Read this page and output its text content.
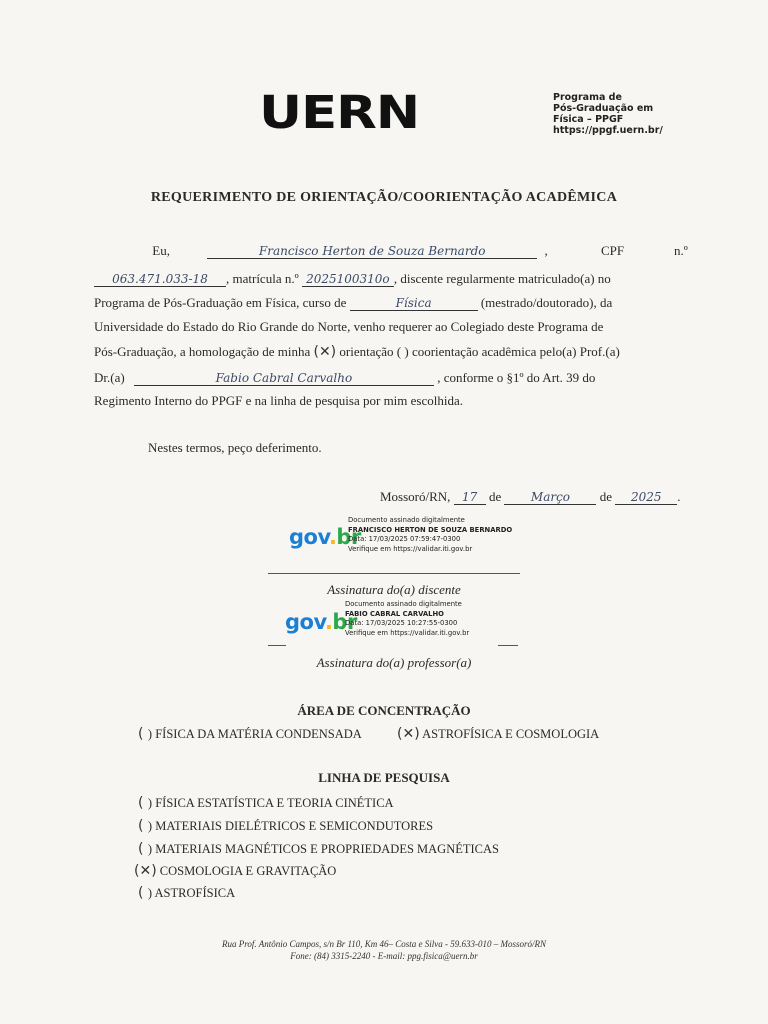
UERN	Programa de
Pós-Graduação em
Física – PPGF
https://ppgf.uern.br/
REQUERIMENTO DE ORIENTAÇÃO/COORIENTAÇÃO ACADÊMICA
Eu,	Francisco Herton de Souza Bernardo	,	CPF	n.º
063.471.033-18 , matrícula n.º 2025100310o , discente regularmente matriculado(a) no
Programa de Pós-Graduação em Física, curso de	Física	(mestrado/doutorado), da
Universidade do Estado do Rio Grande do Norte, venho requerer ao Colegiado deste Programa de
Pós-Graduação, a homologação de minha (✕) orientação ( ) coorientação acadêmica pelo(a) Prof.(a)
Dr.(a)	Fabio Cabral Carvalho	, conforme o §1º do Art. 39 do
Regimento Interno do PPGF e na linha de pesquisa por mim escolhida.
Nestes termos, peço deferimento.
Mossoró/RN, 17 de Março de 2025 .
gov.br
Documento assinado digitalmente
FRANCISCO HERTON DE SOUZA BERNARDO
Data: 17/03/2025 07:59:47-0300
Verifique em https://validar.iti.gov.br
Assinatura do(a) discente
gov.br
Documento assinado digitalmente
FABIO CABRAL CARVALHO
Data: 17/03/2025 10:27:55-0300
Verifique em https://validar.iti.gov.br
Assinatura do(a) professor(a)
ÁREA DE CONCENTRAÇÃO
( ) FÍSICA DA MATÉRIA CONDENSADA	(✕) ASTROFÍSICA E COSMOLOGIA
LINHA DE PESQUISA
( ) FÍSICA ESTATÍSTICA E TEORIA CINÉTICA
( ) MATERIAIS DIELÉTRICOS E SEMICONDUTORES
( ) MATERIAIS MAGNÉTICOS E PROPRIEDADES MAGNÉTICAS
(✕) COSMOLOGIA E GRAVITAÇÃO
( ) ASTROFÍSICA
Rua Prof. Antônio Campos, s/n Br 110, Km 46– Costa e Silva - 59.633-010 – Mossoró/RN
Fone: (84) 3315-2240 - E-mail: ppg.fisica@uern.br
